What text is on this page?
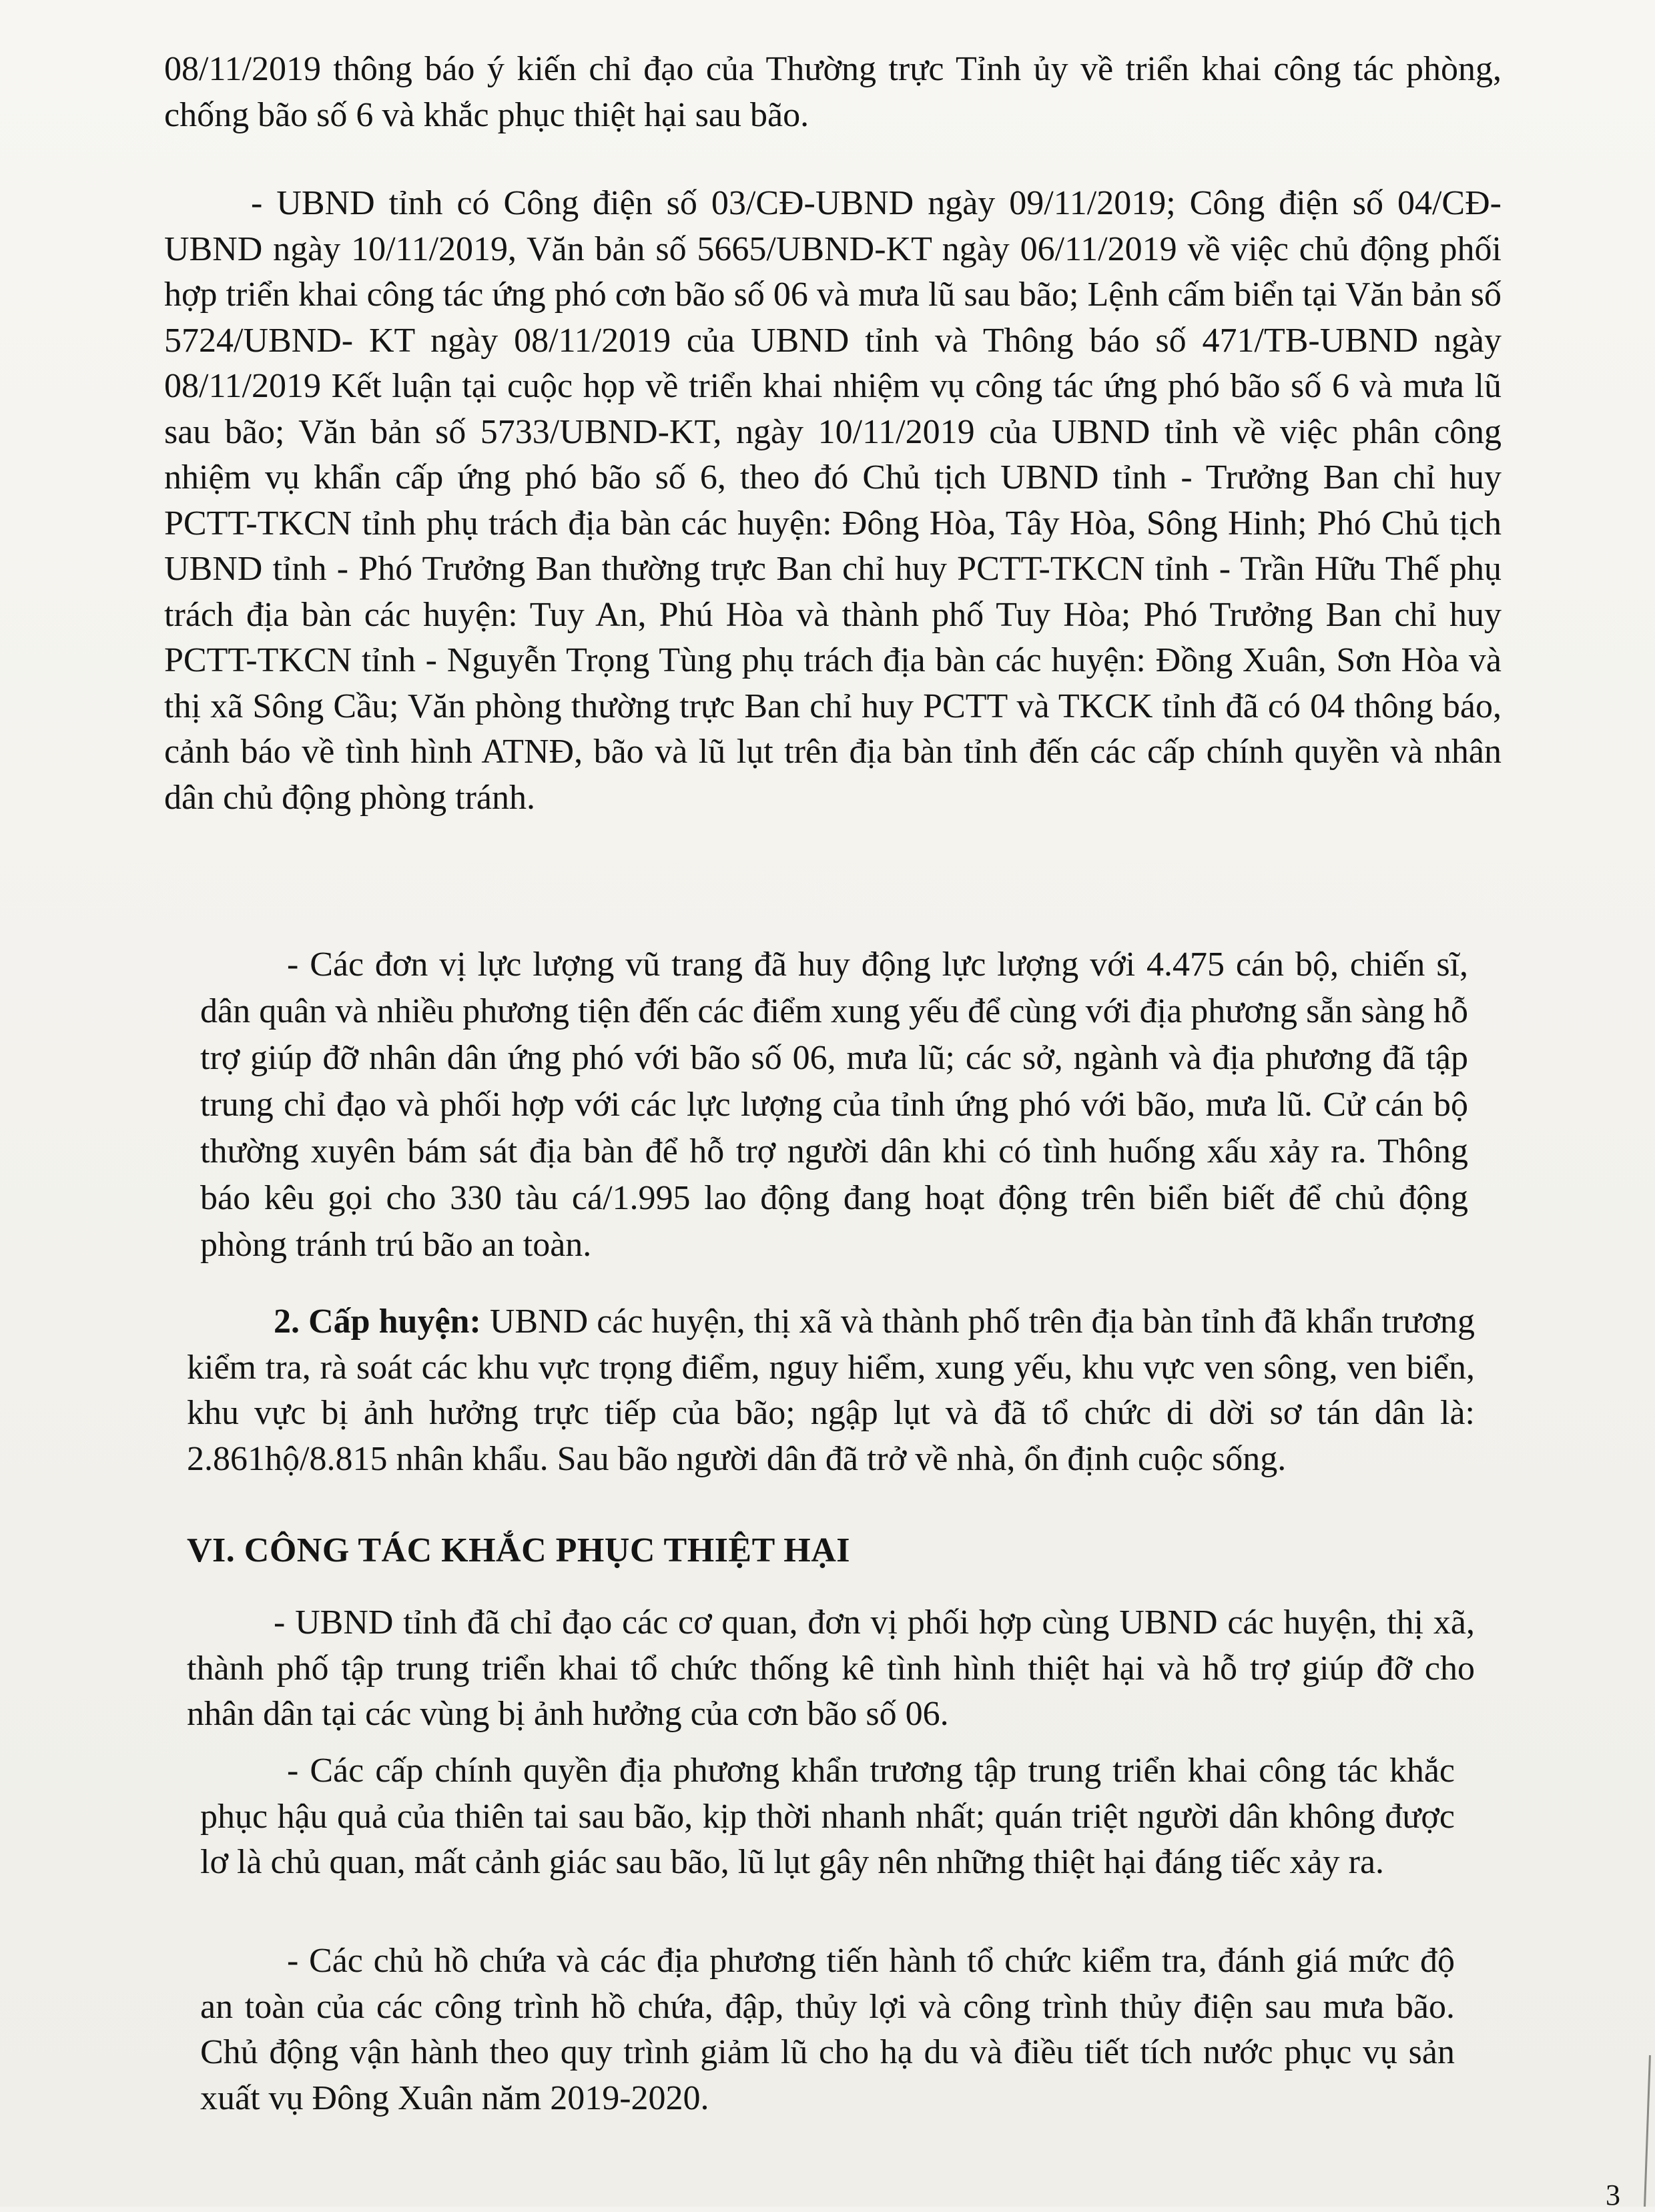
08/11/2019 thông báo ý kiến chỉ đạo của Thường trực Tỉnh ủy về triển khai công tác phòng, chống bão số 6 và khắc phục thiệt hại sau bão.

- UBND tỉnh có Công điện số 03/CĐ-UBND ngày 09/11/2019; Công điện số 04/CĐ-UBND ngày 10/11/2019, Văn bản số 5665/UBND-KT ngày 06/11/2019 về việc chủ động phối hợp triển khai công tác ứng phó cơn bão số 06 và mưa lũ sau bão; Lệnh cấm biển tại Văn bản số 5724/UBND- KT ngày 08/11/2019 của UBND tỉnh và Thông báo số 471/TB-UBND ngày 08/11/2019 Kết luận tại cuộc họp về triển khai nhiệm vụ công tác ứng phó bão số 6 và mưa lũ sau bão; Văn bản số 5733/UBND-KT, ngày 10/11/2019 của UBND tỉnh về việc phân công nhiệm vụ khẩn cấp ứng phó bão số 6, theo đó Chủ tịch UBND tỉnh - Trưởng Ban chỉ huy PCTT-TKCN tỉnh phụ trách địa bàn các huyện: Đông Hòa, Tây Hòa, Sông Hinh; Phó Chủ tịch UBND tỉnh - Phó Trưởng Ban thường trực Ban chỉ huy PCTT-TKCN tỉnh - Trần Hữu Thế phụ trách địa bàn các huyện: Tuy An, Phú Hòa và thành phố Tuy Hòa; Phó Trưởng Ban chỉ huy PCTT-TKCN tỉnh - Nguyễn Trọng Tùng phụ trách địa bàn các huyện: Đồng Xuân, Sơn Hòa và thị xã Sông Cầu; Văn phòng thường trực Ban chỉ huy PCTT và TKCK tỉnh đã có 04 thông báo, cảnh báo về tình hình ATNĐ, bão và lũ lụt trên địa bàn tỉnh đến các cấp chính quyền và nhân dân chủ động phòng tránh.

- Các đơn vị lực lượng vũ trang đã huy động lực lượng với 4.475 cán bộ, chiến sĩ, dân quân và nhiều phương tiện đến các điểm xung yếu để cùng với địa phương sẵn sàng hỗ trợ giúp đỡ nhân dân ứng phó với bão số 06, mưa lũ; các sở, ngành và địa phương đã tập trung chỉ đạo và phối hợp với các lực lượng của tỉnh ứng phó với bão, mưa lũ. Cử cán bộ thường xuyên bám sát địa bàn để hỗ trợ người dân khi có tình huống xấu xảy ra. Thông báo kêu gọi cho 330 tàu cá/1.995 lao động đang hoạt động trên biển biết để chủ động phòng tránh trú bão an toàn.

2. Cấp huyện: UBND các huyện, thị xã và thành phố trên địa bàn tỉnh đã khẩn trương kiểm tra, rà soát các khu vực trọng điểm, nguy hiểm, xung yếu, khu vực ven sông, ven biển, khu vực bị ảnh hưởng trực tiếp của bão; ngập lụt và đã tổ chức di dời sơ tán dân là: 2.861hộ/8.815 nhân khẩu. Sau bão người dân đã trở về nhà, ổn định cuộc sống.

VI. CÔNG TÁC KHẮC PHỤC THIỆT HẠI

- UBND tỉnh đã chỉ đạo các cơ quan, đơn vị phối hợp cùng UBND các huyện, thị xã, thành phố tập trung triển khai tổ chức thống kê tình hình thiệt hại và hỗ trợ giúp đỡ cho nhân dân tại các vùng bị ảnh hưởng của cơn bão số 06.

- Các cấp chính quyền địa phương khẩn trương tập trung triển khai công tác khắc phục hậu quả của thiên tai sau bão, kịp thời nhanh nhất; quán triệt người dân không được lơ là chủ quan, mất cảnh giác sau bão, lũ lụt gây nên những thiệt hại đáng tiếc xảy ra.

- Các chủ hồ chứa và các địa phương tiến hành tổ chức kiểm tra, đánh giá mức độ an toàn của các công trình hồ chứa, đập, thủy lợi và công trình thủy điện sau mưa bão. Chủ động vận hành theo quy trình giảm lũ cho hạ du và điều tiết tích nước phục vụ sản xuất vụ Đông Xuân năm 2019-2020.

3
